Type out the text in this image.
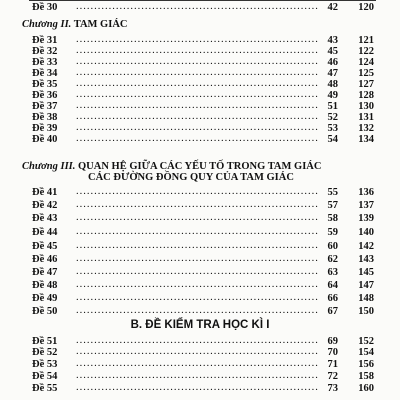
Đề 30 .....	42 120
Chương II. TAM GIÁC
Đề 31 .....	43 121
Đề 32 .....	45 122
Đề 33 .....	46 124
Đề 34 .....	47 125
Đề 35 .....	48 127
Đề 36 .....	49 128
Đề 37 .....	51 130
Đề 38 .....	52 131
Đề 39 .....	53 132
Đề 40 .....	54 134
Chương III. QUAN HỆ GIỮA CÁC YẾU TỐ TRONG TAM GIÁC
CÁC ĐƯỜNG ĐỒNG QUY CỦA TAM GIÁC
Đề 41 .....	55 136
Đề 42 .....	57 137
Đề 43 .....	58 139
Đề 44 .....	59 140
Đề 45 .....	60 142
Đề 46 .....	62 143
Đề 47 .....	63 145
Đề 48 .....	64 147
Đề 49 .....	66 148
Đề 50 .....	67 150
B. ĐỀ KIỂM TRA HỌC KÌ I
Đề 51 .....	69 152
Đề 52 .....	70 154
Đề 53 .....	71 156
Đề 54 .....	72 158
Đề 55 .....	73 160
